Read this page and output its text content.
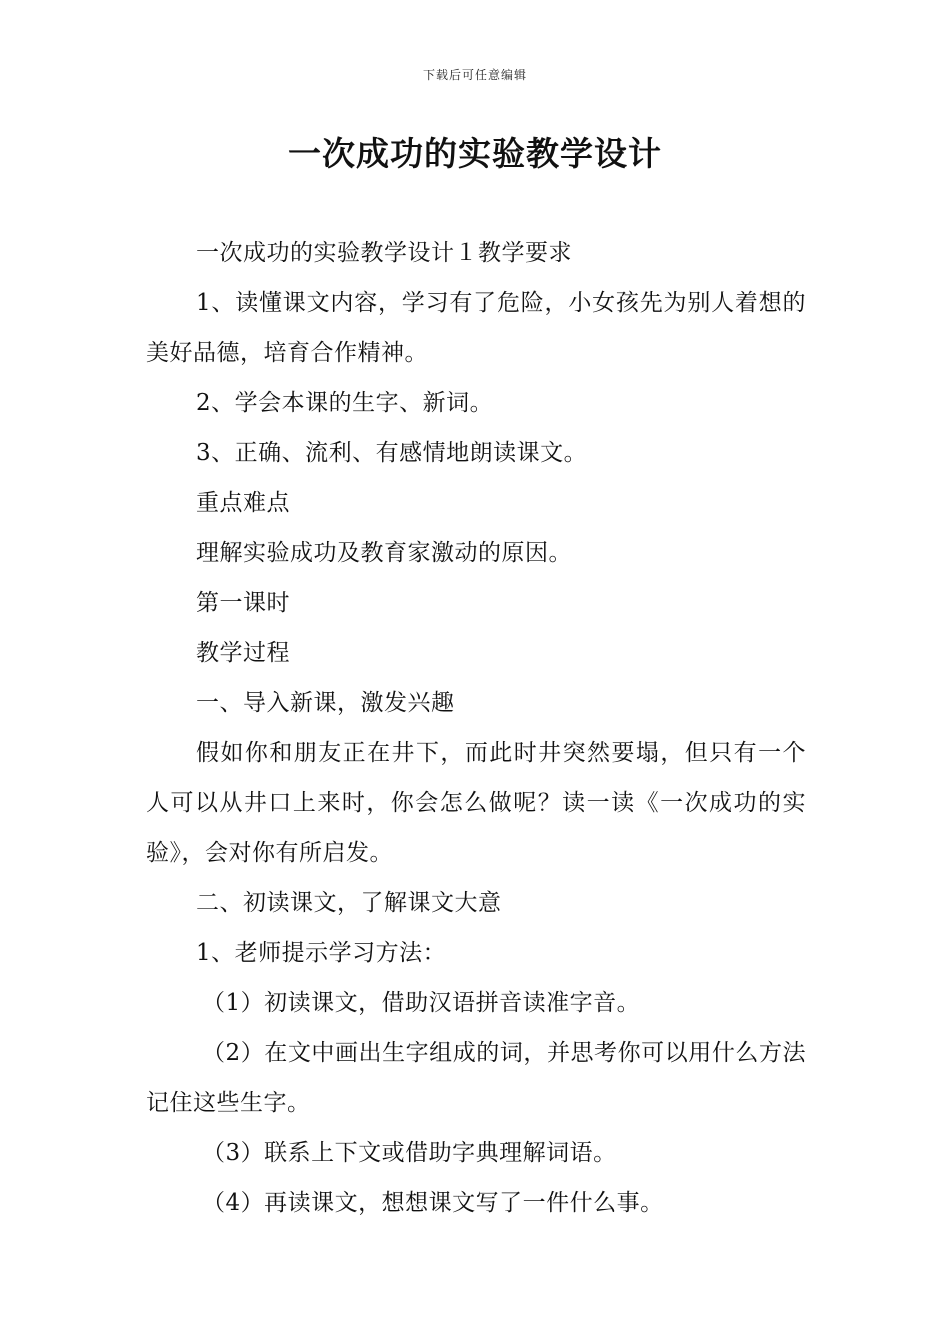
下载后可任意编辑
一次成功的实验教学设计

一次成功的实验教学设计１教学要求

1、读懂课文内容，学习有了危险，小女孩先为别人着想的美好品德，培育合作精神。

2、学会本课的生字、新词。

3、正确、流利、有感情地朗读课文。

重点难点

理解实验成功及教育家激动的原因。

第一课时

教学过程

一、导入新课，激发兴趣

假如你和朋友正在井下，而此时井突然要塌，但只有一个人可以从井口上来时，你会怎么做呢？读一读《一次成功的实验》，会对你有所启发。

二、初读课文，了解课文大意

1、老师提示学习方法：

（1）初读课文，借助汉语拼音读准字音。

（2）在文中画出生字组成的词，并思考你可以用什么方法记住这些生字。

（3）联系上下文或借助字典理解词语。

（4）再读课文，想想课文写了一件什么事。
